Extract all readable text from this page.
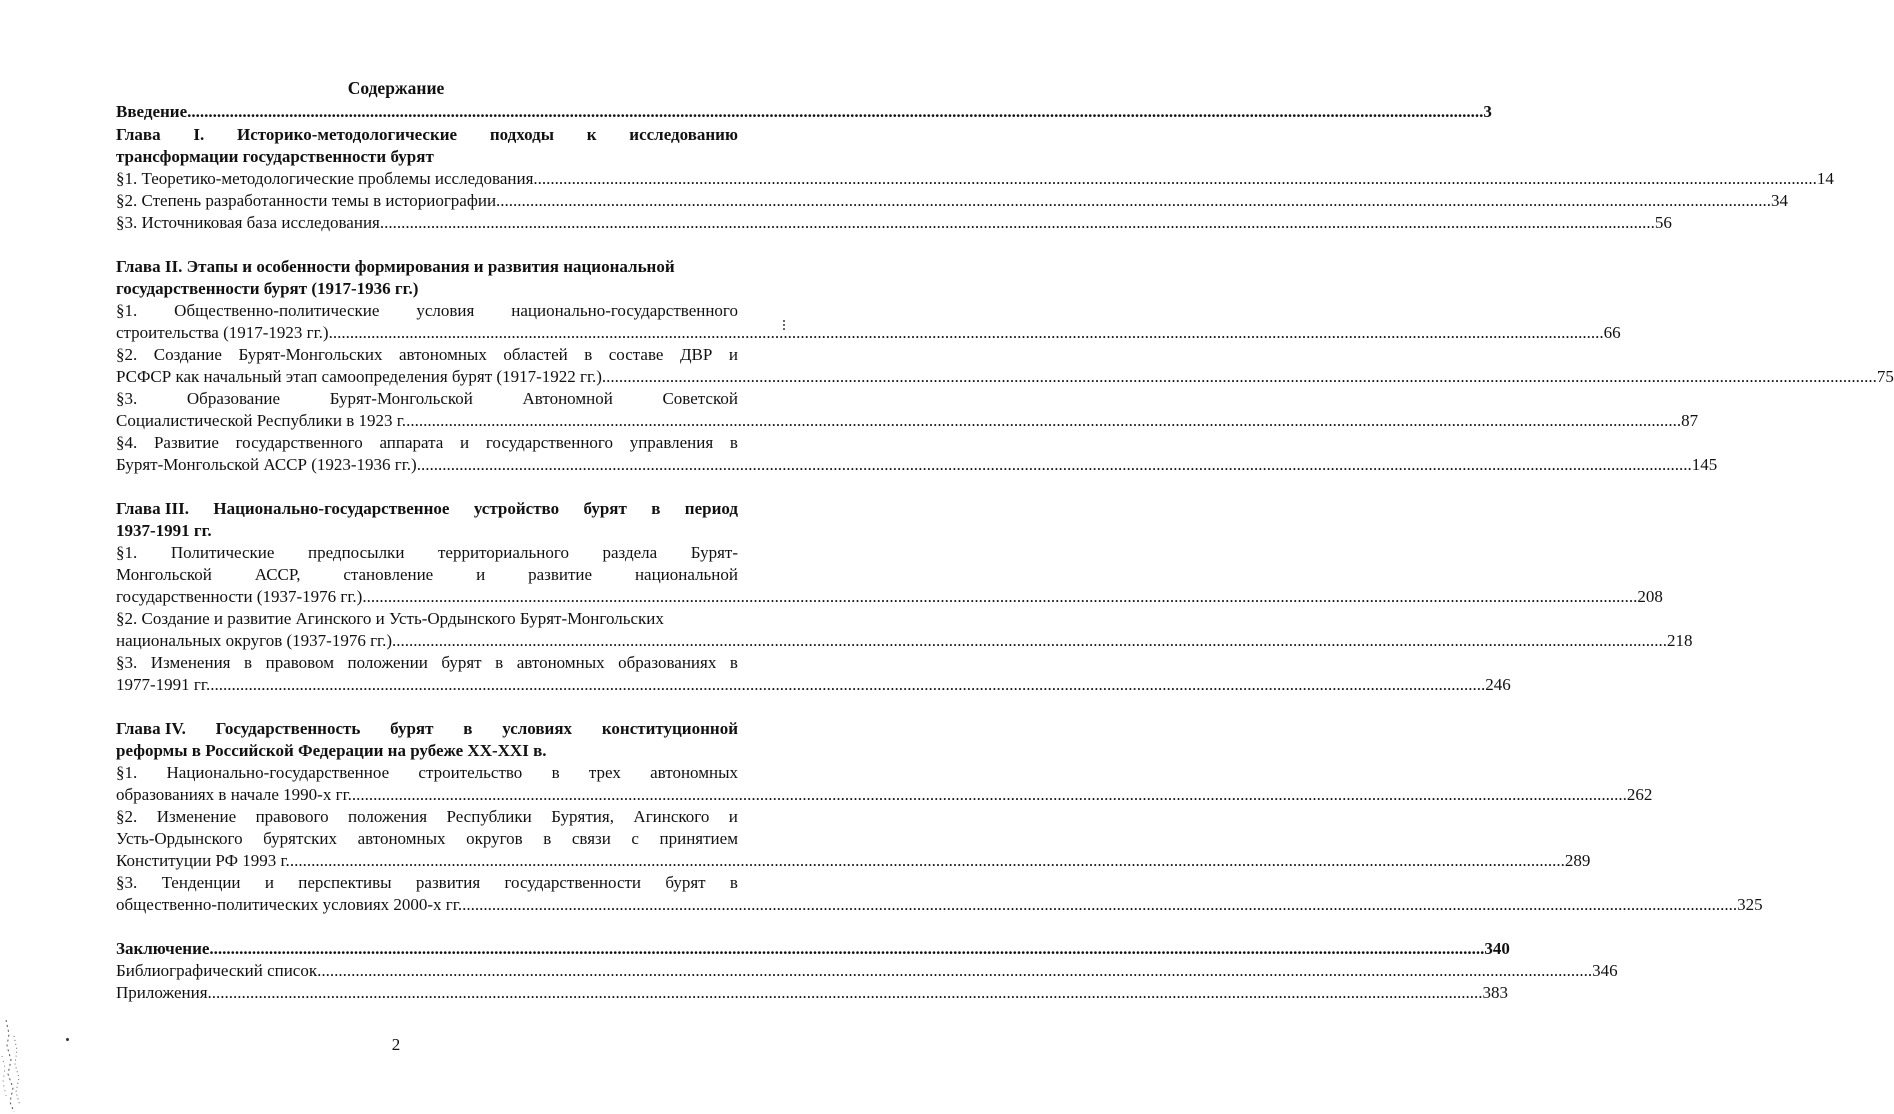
Содержание
Введение ............................................................................................................................................................................................................................................................................................................ .....3
Глава I. Историко-методологические подходы к исследованию
трансформации государственности бурят
§1. Теоретико-методологические проблемы исследования ............................................................................................................................................................................................................................................................................................................ ..14
§2. Степень разработанности темы в историографии ............................................................................................................................................................................................................................................................................................................ 34
§3. Источниковая база исследования ............................................................................................................................................................................................................................................................................................................ 56
Глава II. Этапы и особенности формирования и развития национальной
государственности бурят (1917-1936 гг.)
§1. Общественно-политические условия национально-государственного
строительства (1917-1923 гг.) ............................................................................................................................................................................................................................................................................................................ 66
§2. Создание Бурят-Монгольских автономных областей в составе ДВР и
РСФСР как начальный этап самоопределения бурят (1917-1922 гг.) ............................................................................................................................................................................................................................................................................................................ 75
§3.	Образование	Бурят-Монгольской	Автономной	Советской
Социалистической Республики в 1923 г. ............................................................................................................................................................................................................................................................................................................ 87
§4. Развитие государственного аппарата и государственного управления в
Бурят-Монгольской АССР (1923-1936 гг.) ............................................................................................................................................................................................................................................................................................................ 145
Глава III. Национально-государственное устройство бурят в период
1937-1991 гг.
§1. Политические предпосылки территориального раздела Бурят-
Монгольской	АССР,	становление	и	развитие	национальной
государственности (1937-1976 гг.) ............................................................................................................................................................................................................................................................................................................ 208
§2. Создание и развитие Агинского и Усть-Ордынского Бурят-Монгольских
национальных округов (1937-1976 гг.) ............................................................................................................................................................................................................................................................................................................ 218
§3. Изменения в правовом положении бурят в автономных образованиях в
1977-1991 гг. ............................................................................................................................................................................................................................................................................................................ 246
Глава IV. Государственность бурят в условиях конституционной
реформы в Российской Федерации на рубеже XX-XXI в.
§1. Национально-государственное строительство в трех автономных
образованиях в начале 1990-х гг. ............................................................................................................................................................................................................................................................................................................ 262
§2. Изменение правового положения Республики Бурятия, Агинского и
Усть-Ордынского бурятских автономных округов в связи с принятием
Конституции РФ 1993 г. ............................................................................................................................................................................................................................................................................................................ 289
§3. Тенденции и перспективы развития государственности бурят в
общественно-политических условиях 2000-х гг. ............................................................................................................................................................................................................................................................................................................ 325
Заключение ............................................................................................................................................................................................................................................................................................................ 340
Библиографический список ............................................................................................................................................................................................................................................................................................................ 346
Приложения ............................................................................................................................................................................................................................................................................................................ 383
2
